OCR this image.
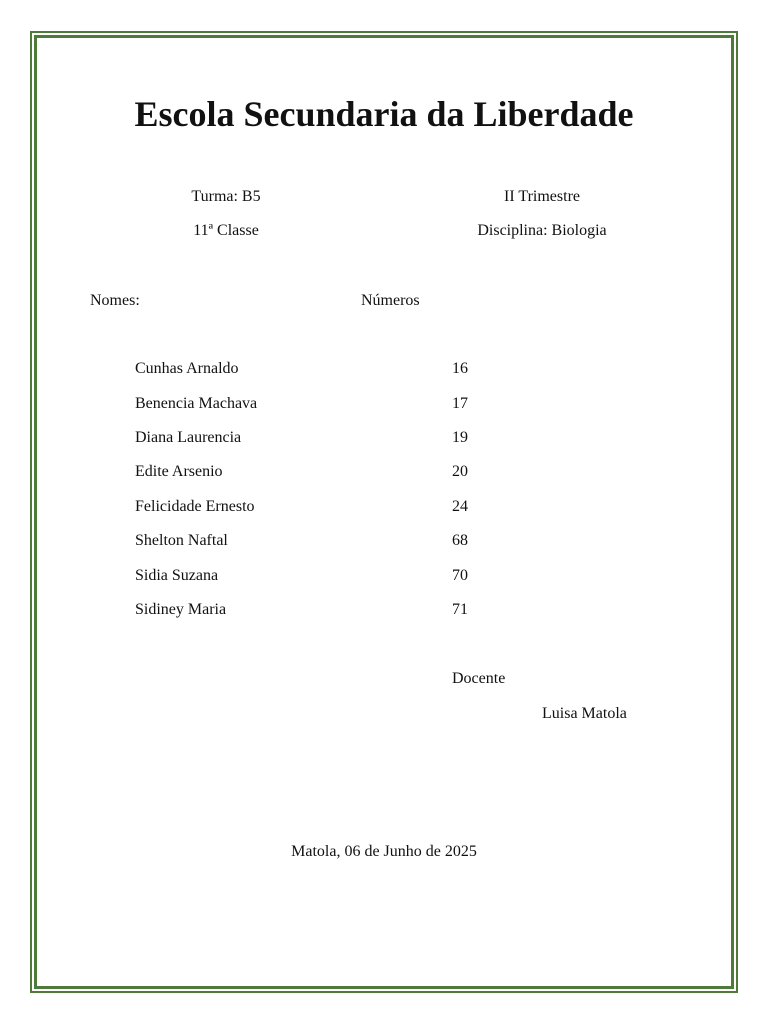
Escola Secundaria da Liberdade
Turma: B5
11ª Classe
II Trimestre
Disciplina: Biologia
Nomes:	Números
Cunhas Arnaldo	16
Benencia Machava	17
Diana Laurencia	19
Edite Arsenio	20
Felicidade Ernesto	24
Shelton Naftal	68
Sidia Suzana	70
Sidiney Maria	71
Docente
Luisa Matola
Matola, 06 de Junho de 2025
